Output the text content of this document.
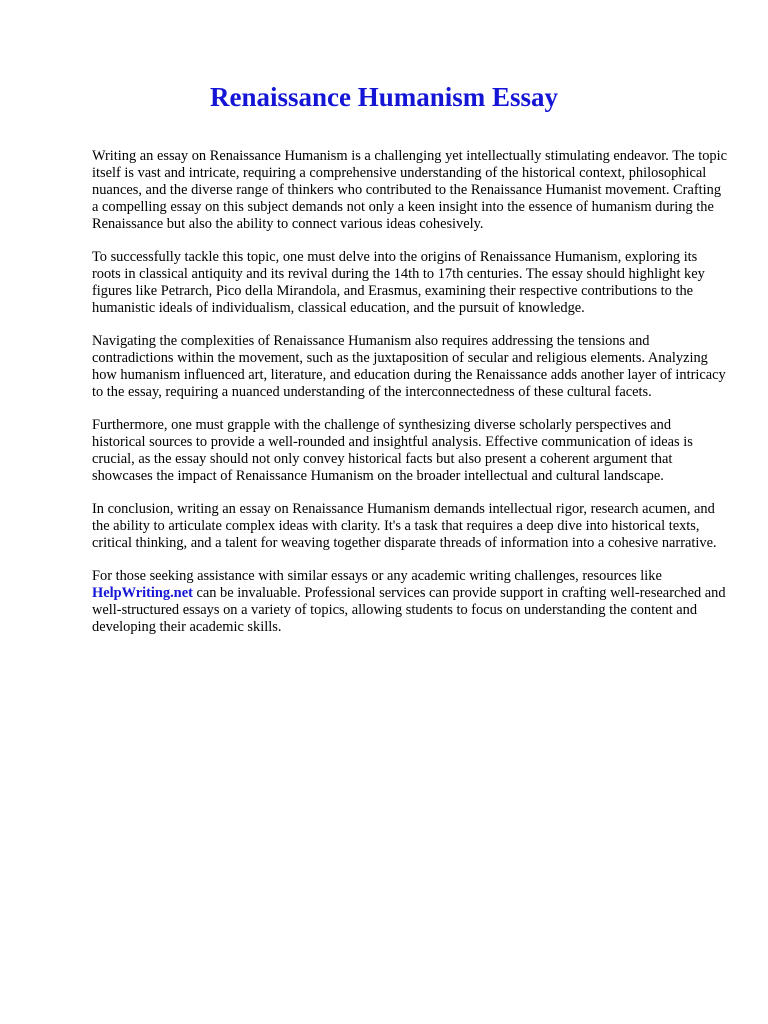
Renaissance Humanism Essay

Writing an essay on Renaissance Humanism is a challenging yet intellectually stimulating endeavor. The topic itself is vast and intricate, requiring a comprehensive understanding of the historical context, philosophical nuances, and the diverse range of thinkers who contributed to the Renaissance Humanist movement. Crafting a compelling essay on this subject demands not only a keen insight into the essence of humanism during the Renaissance but also the ability to connect various ideas cohesively.

To successfully tackle this topic, one must delve into the origins of Renaissance Humanism, exploring its roots in classical antiquity and its revival during the 14th to 17th centuries. The essay should highlight key figures like Petrarch, Pico della Mirandola, and Erasmus, examining their respective contributions to the humanistic ideals of individualism, classical education, and the pursuit of knowledge.

Navigating the complexities of Renaissance Humanism also requires addressing the tensions and contradictions within the movement, such as the juxtaposition of secular and religious elements. Analyzing how humanism influenced art, literature, and education during the Renaissance adds another layer of intricacy to the essay, requiring a nuanced understanding of the interconnectedness of these cultural facets.

Furthermore, one must grapple with the challenge of synthesizing diverse scholarly perspectives and historical sources to provide a well-rounded and insightful analysis. Effective communication of ideas is crucial, as the essay should not only convey historical facts but also present a coherent argument that showcases the impact of Renaissance Humanism on the broader intellectual and cultural landscape.

In conclusion, writing an essay on Renaissance Humanism demands intellectual rigor, research acumen, and the ability to articulate complex ideas with clarity. It's a task that requires a deep dive into historical texts, critical thinking, and a talent for weaving together disparate threads of information into a cohesive narrative.

For those seeking assistance with similar essays or any academic writing challenges, resources like HelpWriting.net can be invaluable. Professional services can provide support in crafting well-researched and well-structured essays on a variety of topics, allowing students to focus on understanding the content and developing their academic skills.
